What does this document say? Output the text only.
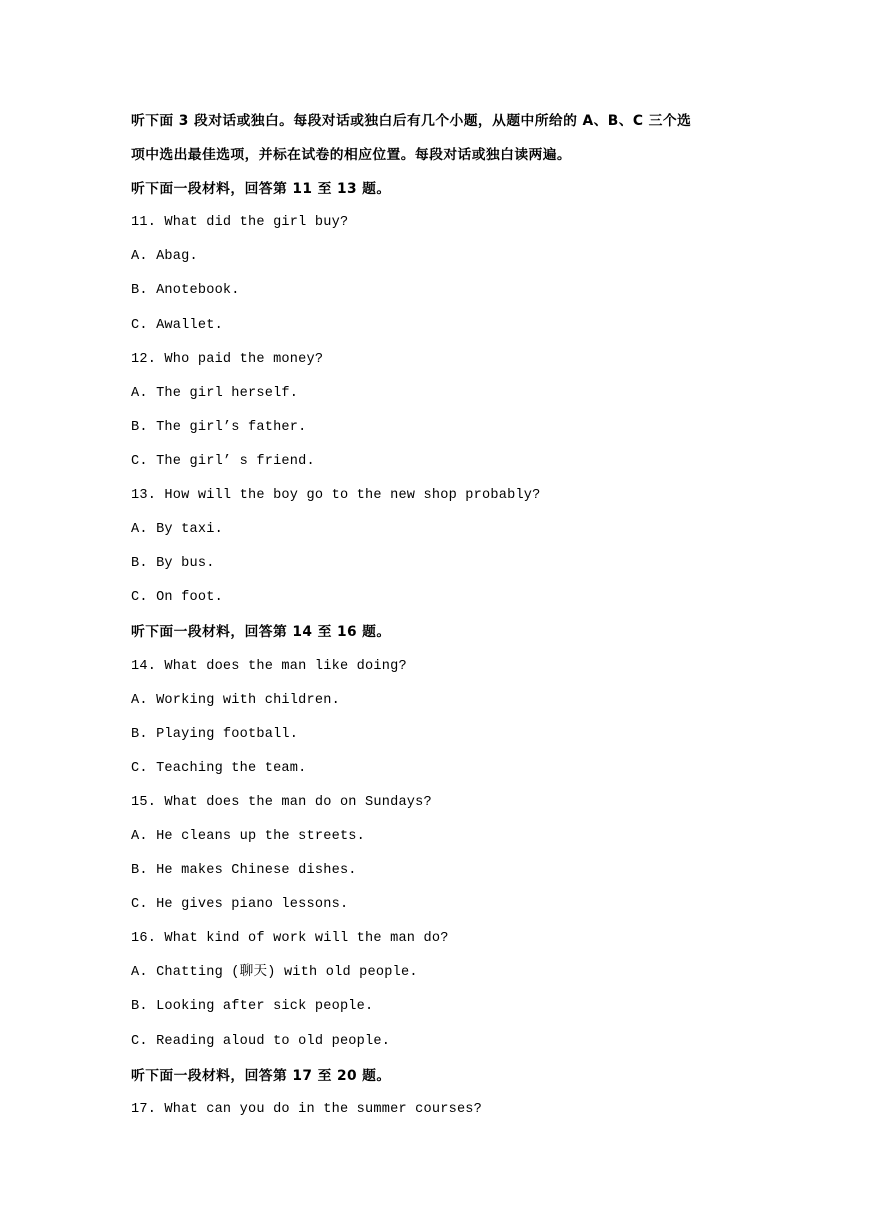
听下面 3 段对话或独白。每段对话或独白后有几个小题，从题中所给的 A、B、C 三个选
项中选出最佳选项，并标在试卷的相应位置。每段对话或独白读两遍。
听下面一段材料，回答第 11 至 13 题。
11. What did the girl buy?
A. Abag.
B. Anotebook.
C. Awallet.
12. Who paid the money?
A. The girl herself.
B. The girl’s father.
C. The girl’ s friend.
13. How will the boy go to the new shop probably?
A. By taxi.
B. By bus.
C. On foot.
听下面一段材料，回答第 14 至 16 题。
14. What does the man like doing?
A. Working with children.
B. Playing football.
C. Teaching the team.
15. What does the man do on Sundays?
A. He cleans up the streets.
B. He makes Chinese dishes.
C. He gives piano lessons.
16. What kind of work will the man do?
A. Chatting (聊天) with old people.
B. Looking after sick people.
C. Reading aloud to old people.
听下面一段材料，回答第 17 至 20 题。
17. What can you do in the summer courses?
